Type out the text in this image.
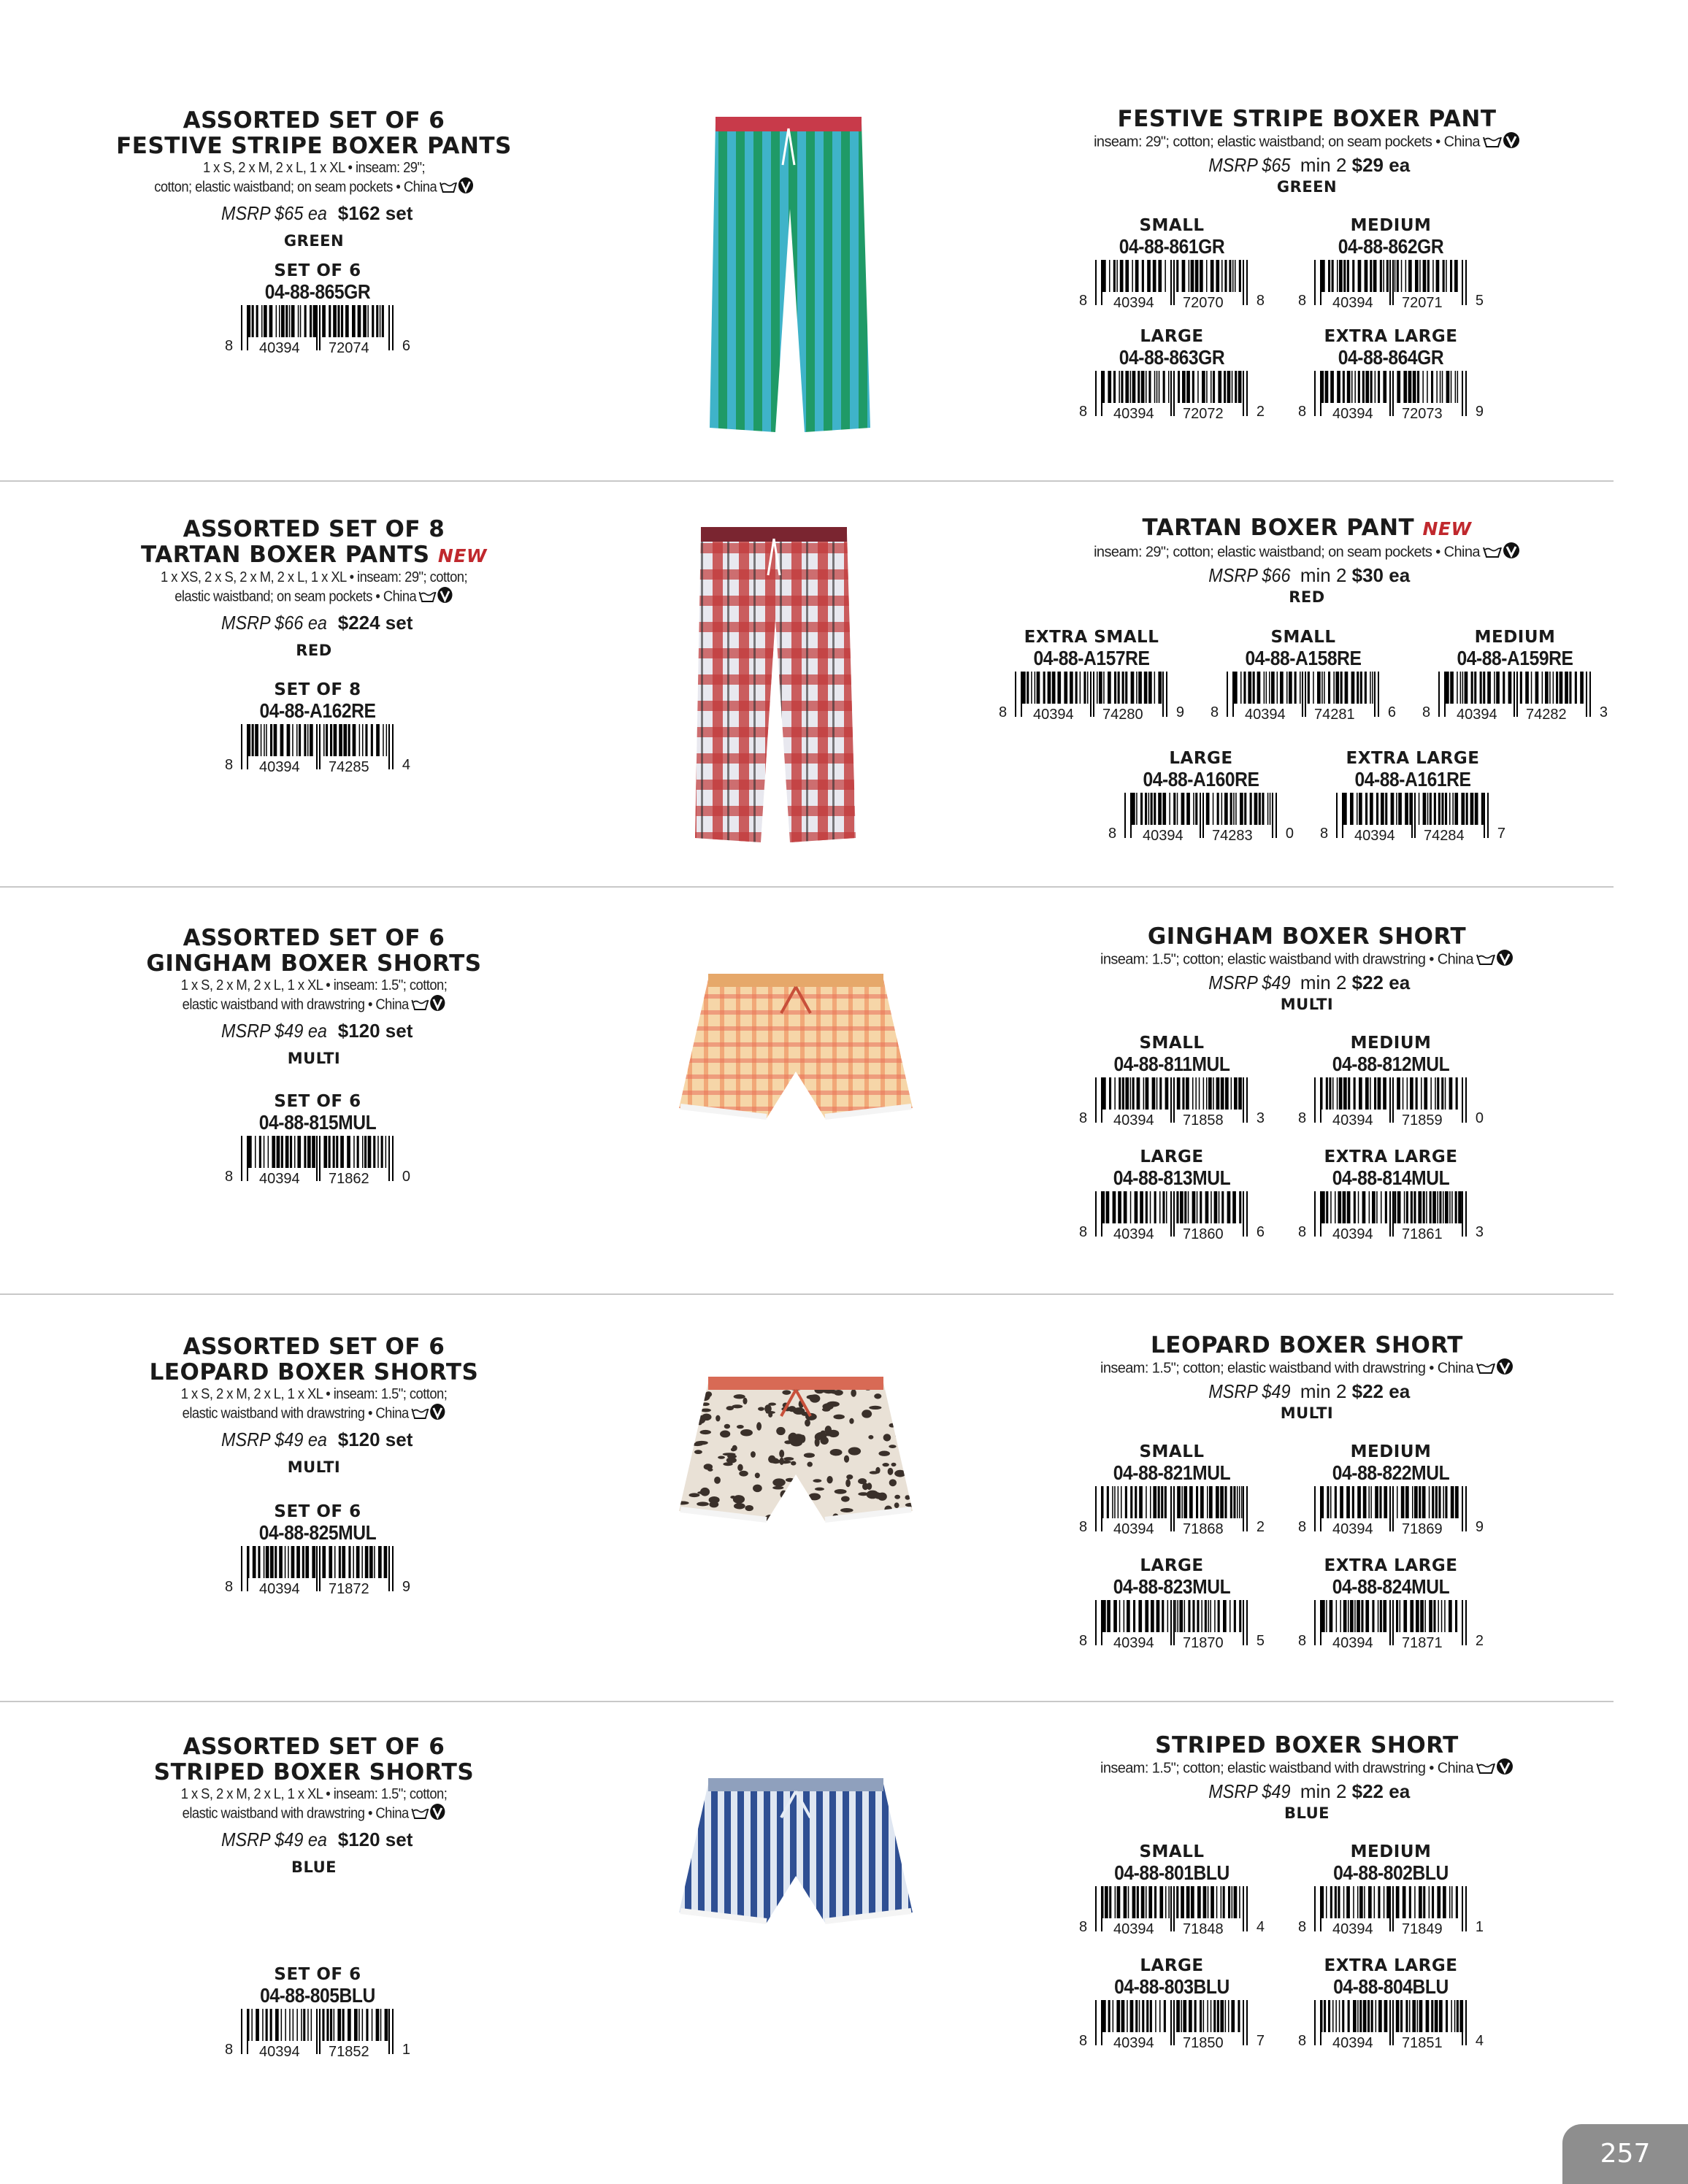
ASSORTED SET OF 6
FESTIVE STRIPE BOXER PANTS
1 x S, 2 x M, 2 x L, 1 x XL • inseam: 29";
cotton; elastic waistband; on seam pockets • China
MSRP $65 ea $162 set
GREEN
SET OF 6
04-88-865GR
8	6
40394 72074
FESTIVE STRIPE BOXER PANT
inseam: 29"; cotton; elastic waistband; on seam pockets • China
MSRP $65 min 2 $29 ea
GREEN
SMALL
04-88-861GR
8	8
40394 72070
MEDIUM
04-88-862GR
8	5
40394 72071
LARGE
04-88-863GR
8	2
40394 72072
EXTRA LARGE
04-88-864GR
8	9
40394 72073
ASSORTED SET OF 8
TARTAN BOXER PANTS NEW
1 x XS, 2 x S, 2 x M, 2 x L, 1 x XL • inseam: 29"; cotton;
elastic waistband; on seam pockets • China
MSRP $66 ea $224 set
RED
SET OF 8
04-88-A162RE
8	4
40394 74285
TARTAN BOXER PANT NEW
inseam: 29"; cotton; elastic waistband; on seam pockets • China
MSRP $66 min 2 $30 ea
RED
EXTRA SMALL
04-88-A157RE
8	9
40394 74280
SMALL
04-88-A158RE
8	6
40394 74281
MEDIUM
04-88-A159RE
8	3
40394 74282
LARGE
04-88-A160RE
8	0
40394 74283
EXTRA LARGE
04-88-A161RE
8	7
40394 74284
ASSORTED SET OF 6
GINGHAM BOXER SHORTS
1 x S, 2 x M, 2 x L, 1 x XL • inseam: 1.5"; cotton;
elastic waistband with drawstring • China
MSRP $49 ea $120 set
MULTI
SET OF 6
04-88-815MUL
8	0
40394 71862
GINGHAM BOXER SHORT
inseam: 1.5"; cotton; elastic waistband with drawstring • China
MSRP $49 min 2 $22 ea
MULTI
SMALL
04-88-811MUL
8	3
40394 71858
MEDIUM
04-88-812MUL
8	0
40394 71859
LARGE
04-88-813MUL
8	6
40394 71860
EXTRA LARGE
04-88-814MUL
8	3
40394 71861
ASSORTED SET OF 6
LEOPARD BOXER SHORTS
1 x S, 2 x M, 2 x L, 1 x XL • inseam: 1.5"; cotton;
elastic waistband with drawstring • China
MSRP $49 ea $120 set
MULTI
SET OF 6
04-88-825MUL
8	9
40394 71872
LEOPARD BOXER SHORT
inseam: 1.5"; cotton; elastic waistband with drawstring • China
MSRP $49 min 2 $22 ea
MULTI
SMALL
04-88-821MUL
8	2
40394 71868
MEDIUM
04-88-822MUL
8	9
40394 71869
LARGE
04-88-823MUL
8	5
40394 71870
EXTRA LARGE
04-88-824MUL
8	2
40394 71871
ASSORTED SET OF 6
STRIPED BOXER SHORTS
1 x S, 2 x M, 2 x L, 1 x XL • inseam: 1.5"; cotton;
elastic waistband with drawstring • China
MSRP $49 ea $120 set
BLUE
SET OF 6
04-88-805BLU
8	1
40394 71852
STRIPED BOXER SHORT
inseam: 1.5"; cotton; elastic waistband with drawstring • China
MSRP $49 min 2 $22 ea
BLUE
SMALL
04-88-801BLU
8	4
40394 71848
MEDIUM
04-88-802BLU
8	1
40394 71849
LARGE
04-88-803BLU
8	7
40394 71850
EXTRA LARGE
04-88-804BLU
8	4
40394 71851
257
